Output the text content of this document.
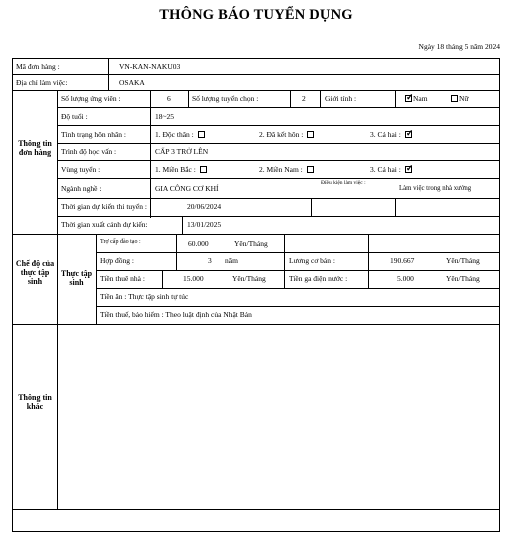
THÔNG BÁO TUYỂN DỤNG
Ngày 18 tháng 5 năm 2024
Mã đơn hàng :	VN-KAN-NAKU03
Địa chỉ làm việc:	OSAKA
Thông tin đơn hàng
Chế độ của thực tập sinh
Thực tập sinh
Thông tin khác
Số lượng ứng viên :	6	Số lượng tuyển chọn :	2	Giới tính :
✓	Nam	Nữ
Độ tuổi :	18~25
Tình trạng hôn nhân :	1. Độc thân :	2. Đã kết hôn :	3. Cả hai :✓
Trình độ học vấn :	CẤP 3 TRỞ LÊN
Vùng tuyển :	1. Miền Bắc :	2. Miền Nam :	3. Cả hai :✓
Ngành nghề :	GIA CÔNG CƠ KHÍ
Điều kiện làm việc :
Làm việc trong nhà xưởng
Thời gian dự kiến thi tuyển :	20/06/2024
Thời gian xuất cảnh dự kiến:	13/01/2025
Trợ cấp đào tạo :	60.000	Yên/Tháng
Hợp đồng :	3 năm	Lương cơ bản :	190.667	Yên/Tháng
Tiền thuê nhà :	15.000	Yên/Tháng	Tiền ga điện nước :	5.000	Yên/Tháng
Tiền ăn : Thực tập sinh tự túc
Tiền thuế, bảo hiểm : Theo luật định của Nhật Bản
